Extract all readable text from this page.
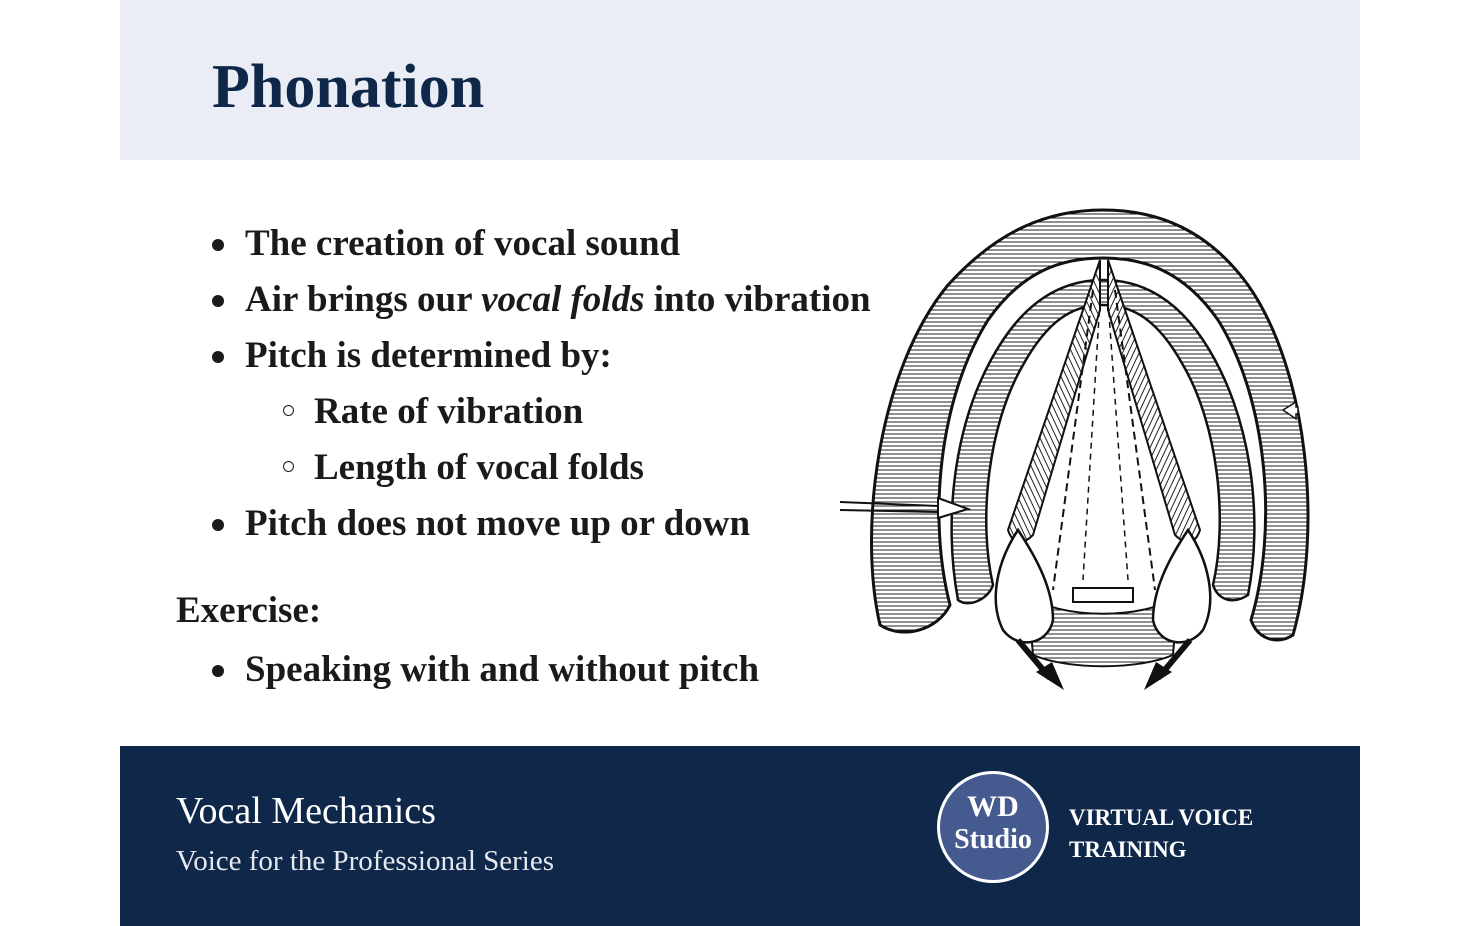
Phonation
The creation of vocal sound
Air brings our vocal folds into vibration
Pitch is determined by:
Rate of vibration
Length of vocal folds
Pitch does not move up or down
Exercise:
Speaking with and without pitch
Vocal Mechanics
Voice for the Professional Series
WD
Studio
VIRTUAL VOICE
TRAINING
